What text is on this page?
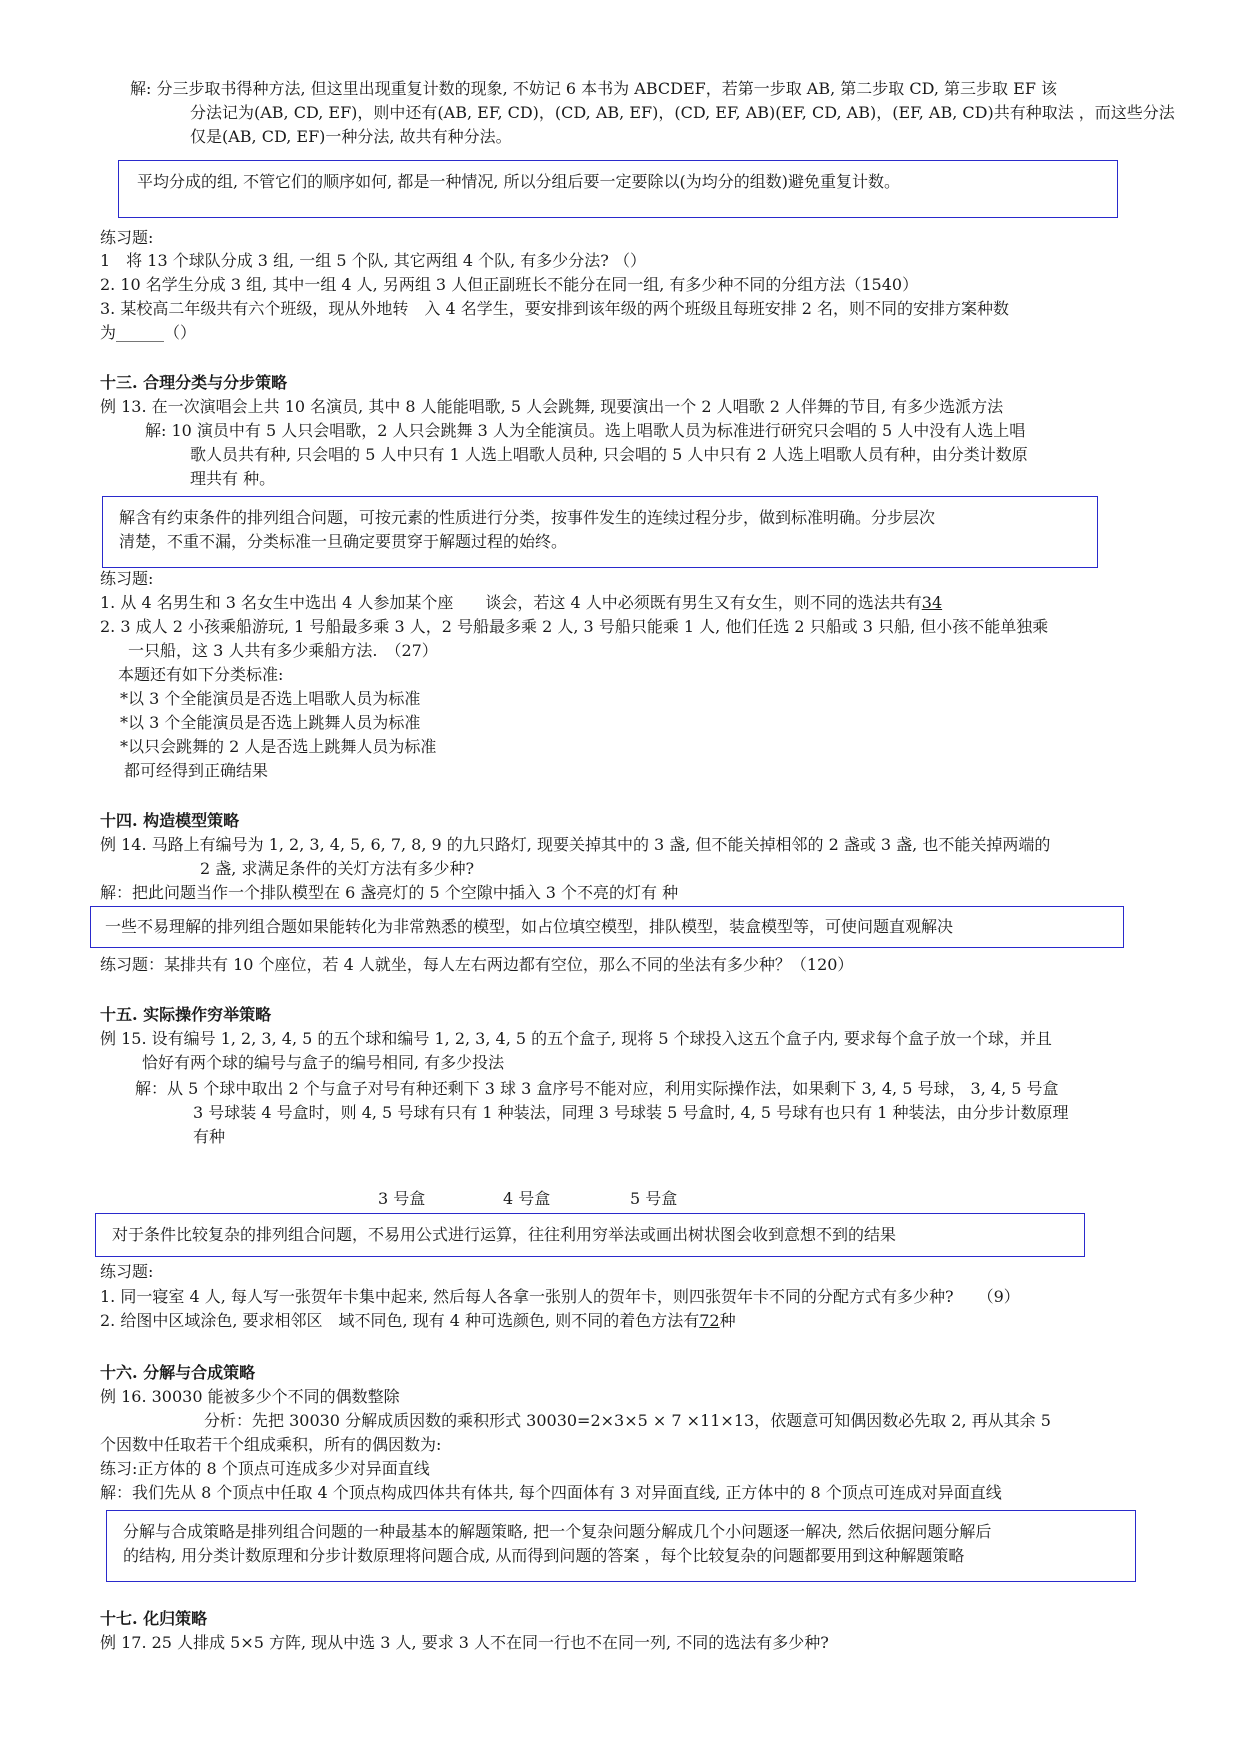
解: 分三步取书得种方法, 但这里出现重复计数的现象, 不妨记 6 本书为 ABCDEF，若第一步取 AB, 第二步取 CD, 第三步取 EF 该
分法记为(AB, CD, EF)，则中还有(AB, EF, CD)，(CD, AB, EF)，(CD, EF, AB)(EF, CD, AB)，(EF, AB, CD)共有种取法 ，而这些分法
仅是(AB, CD, EF)一种分法, 故共有种分法。
平均分成的组, 不管它们的顺序如何, 都是一种情况, 所以分组后要一定要除以(为均分的组数)避免重复计数。
练习题:
1　将 13 个球队分成 3 组, 一组 5 个队, 其它两组 4 个队, 有多少分法? （）
2. 10 名学生分成 3 组, 其中一组 4 人, 另两组 3 人但正副班长不能分在同一组, 有多少种不同的分组方法（1540）
3. 某校高二年级共有六个班级，现从外地转　入 4 名学生，要安排到该年级的两个班级且每班安排 2 名，则不同的安排方案种数
为______（）
十三. 合理分类与分步策略
例 13. 在一次演唱会上共 10 名演员, 其中 8 人能能唱歌, 5 人会跳舞, 现要演出一个 2 人唱歌 2 人伴舞的节目, 有多少选派方法
解: 10 演员中有 5 人只会唱歌，2 人只会跳舞 3 人为全能演员。选上唱歌人员为标准进行研究只会唱的 5 人中没有人选上唱
歌人员共有种, 只会唱的 5 人中只有 1 人选上唱歌人员种, 只会唱的 5 人中只有 2 人选上唱歌人员有种，由分类计数原
理共有 种。
解含有约束条件的排列组合问题，可按元素的性质进行分类，按事件发生的连续过程分步，做到标准明确。分步层次
清楚，不重不漏，分类标准一旦确定要贯穿于解题过程的始终。
练习题:
1. 从 4 名男生和 3 名女生中选出 4 人参加某个座　　谈会，若这 4 人中必须既有男生又有女生，则不同的选法共有34
2. 3 成人 2 小孩乘船游玩, 1 号船最多乘 3 人，2 号船最多乘 2 人, 3 号船只能乘 1 人, 他们任选 2 只船或 3 只船, 但小孩不能单独乘
一只船，这 3 人共有多少乘船方法.　（27）
本题还有如下分类标准:
*以 3 个全能演员是否选上唱歌人员为标准
*以 3 个全能演员是否选上跳舞人员为标准
*以只会跳舞的 2 人是否选上跳舞人员为标准
都可经得到正确结果
十四. 构造模型策略
例 14. 马路上有编号为 1, 2, 3, 4, 5, 6, 7, 8, 9 的九只路灯, 现要关掉其中的 3 盏, 但不能关掉相邻的 2 盏或 3 盏, 也不能关掉两端的
2 盏, 求满足条件的关灯方法有多少种?
解：把此问题当作一个排队模型在 6 盏亮灯的 5 个空隙中插入 3 个不亮的灯有 种
一些不易理解的排列组合题如果能转化为非常熟悉的模型，如占位填空模型，排队模型，装盒模型等，可使问题直观解决
练习题：某排共有 10 个座位，若 4 人就坐，每人左右两边都有空位，那么不同的坐法有多少种？（120）
十五. 实际操作穷举策略
例 15. 设有编号 1, 2, 3, 4, 5 的五个球和编号 1, 2, 3, 4, 5 的五个盒子, 现将 5 个球投入这五个盒子内, 要求每个盒子放一个球，并且
恰好有两个球的编号与盒子的编号相同, 有多少投法
解：从 5 个球中取出 2 个与盒子对号有种还剩下 3 球 3 盒序号不能对应，利用实际操作法，如果剩下 3, 4, 5 号球， 3, 4, 5 号盒
3 号球装 4 号盒时，则 4, 5 号球有只有 1 种装法，同理 3 号球装 5 号盒时, 4, 5 号球有也只有 1 种装法，由分步计数原理
有种
3 号盒	4 号盒	5 号盒
对于条件比较复杂的排列组合问题，不易用公式进行运算，往往利用穷举法或画出树状图会收到意想不到的结果
练习题:
1. 同一寝室 4 人, 每人写一张贺年卡集中起来, 然后每人各拿一张别人的贺年卡，则四张贺年卡不同的分配方式有多少种?　　（9）
2. 给图中区域涂色, 要求相邻区　域不同色, 现有 4 种可选颜色, 则不同的着色方法有72种
十六. 分解与合成策略
例 16. 30030 能被多少个不同的偶数整除
分析：先把 30030 分解成质因数的乘积形式 30030=2×3×5 × 7 ×11×13，依题意可知偶因数必先取 2, 再从其余 5
个因数中任取若干个组成乘积，所有的偶因数为:
练习:正方体的 8 个顶点可连成多少对异面直线
解：我们先从 8 个顶点中任取 4 个顶点构成四体共有体共, 每个四面体有 3 对异面直线, 正方体中的 8 个顶点可连成对异面直线
分解与合成策略是排列组合问题的一种最基本的解题策略, 把一个复杂问题分解成几个小问题逐一解决, 然后依据问题分解后
的结构, 用分类计数原理和分步计数原理将问题合成, 从而得到问题的答案 ，每个比较复杂的问题都要用到这种解题策略
十七. 化归策略
例 17. 25 人排成 5×5 方阵, 现从中选 3 人, 要求 3 人不在同一行也不在同一列, 不同的选法有多少种?
